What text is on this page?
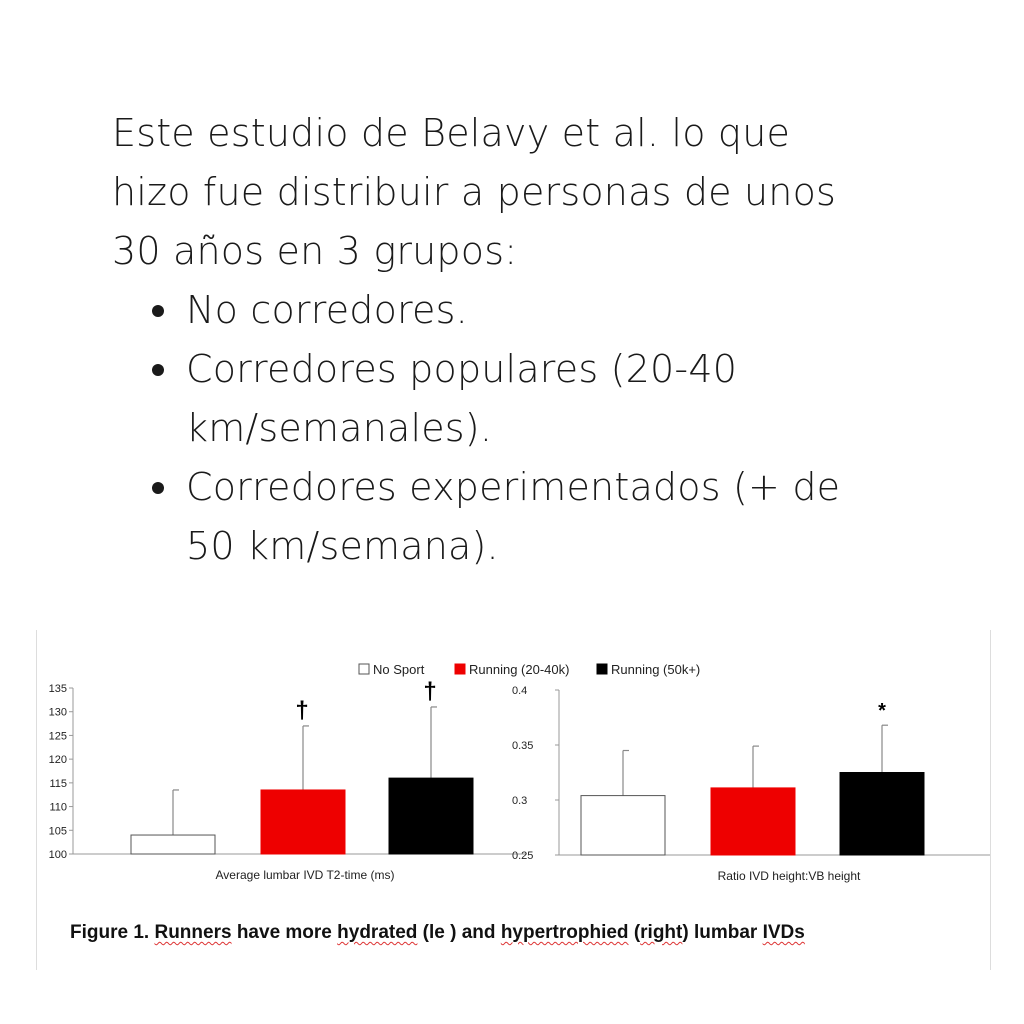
Este estudio de Belavy et al. lo que
hizo fue distribuir a personas de unos
30 años en 3 grupos:

No corredores.
Corredores populares (20-40
km/semanales).
Corredores experimentados (+ de
50 km/semana).
No Sport	Running (20-40k)	Running (50k+)
100
105
110
115
120
125
130
135
†
†
Average lumbar IVD T2-time (ms)
0.25
0.3
0.35
0.4
*
Ratio IVD height:VB height
Figure 1. Runners have more hydrated (le ) and hypertrophied (right) lumbar IVDs
